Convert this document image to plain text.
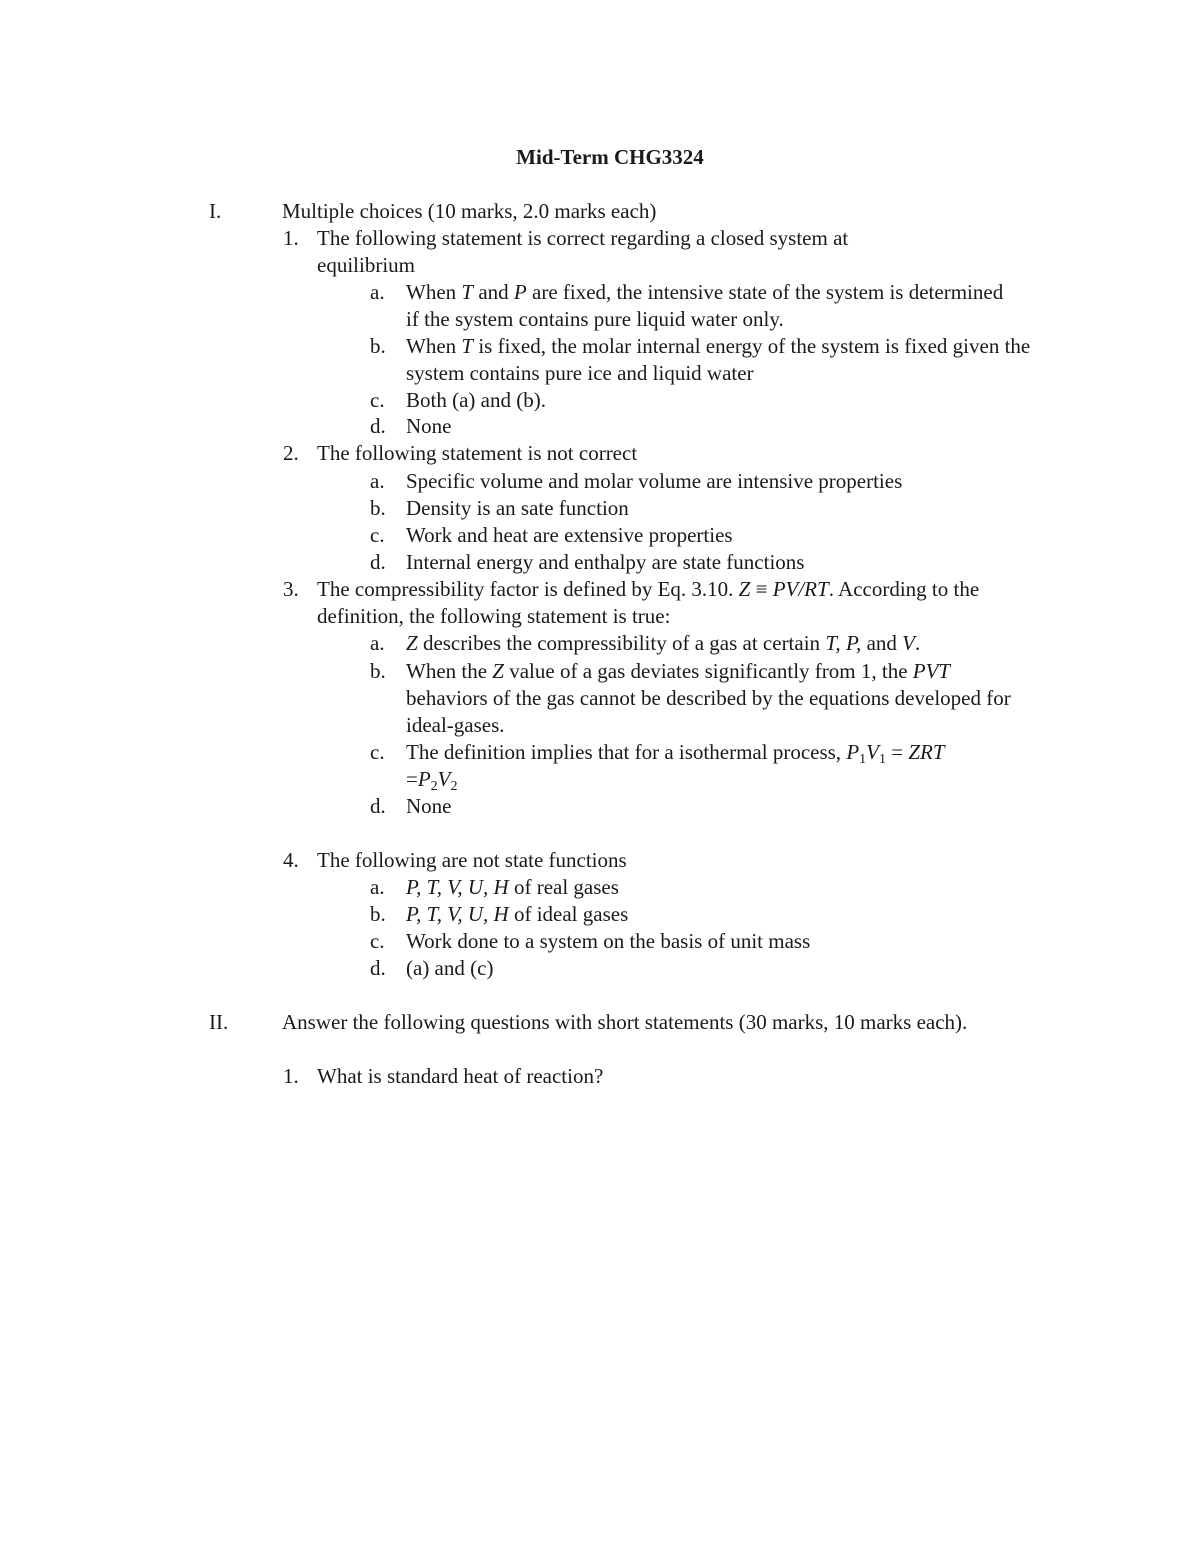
Mid-Term CHG3324
I.	Multiple choices (10 marks, 2.0 marks each)
1. The following statement is correct regarding a closed system at equilibrium
a. When T and P are fixed, the intensive state of the system is determined if the system contains pure liquid water only.
b. When T is fixed, the molar internal energy of the system is fixed given the system contains pure ice and liquid water
c. Both (a) and (b).
d. None
2. The following statement is not correct
a. Specific volume and molar volume are intensive properties
b. Density is an sate function
c. Work and heat are extensive properties
d. Internal energy and enthalpy are state functions
3. The compressibility factor is defined by Eq. 3.10. Z ≡ PV/RT. According to the definition, the following statement is true:
a. Z describes the compressibility of a gas at certain T, P, and V.
b. When the Z value of a gas deviates significantly from 1, the PVT behaviors of the gas cannot be described by the equations developed for ideal-gases.
c. The definition implies that for a isothermal process, $P_1V_1$ = ZRT
$=P_2V_2$
d. None
4. The following are not state functions
a. P, T, V, U, H of real gases
b. P, T, V, U, H of ideal gases
c. Work done to a system on the basis of unit mass
d. (a) and (c)
II.	Answer the following questions with short statements (30 marks, 10 marks each).
1. What is standard heat of reaction?
